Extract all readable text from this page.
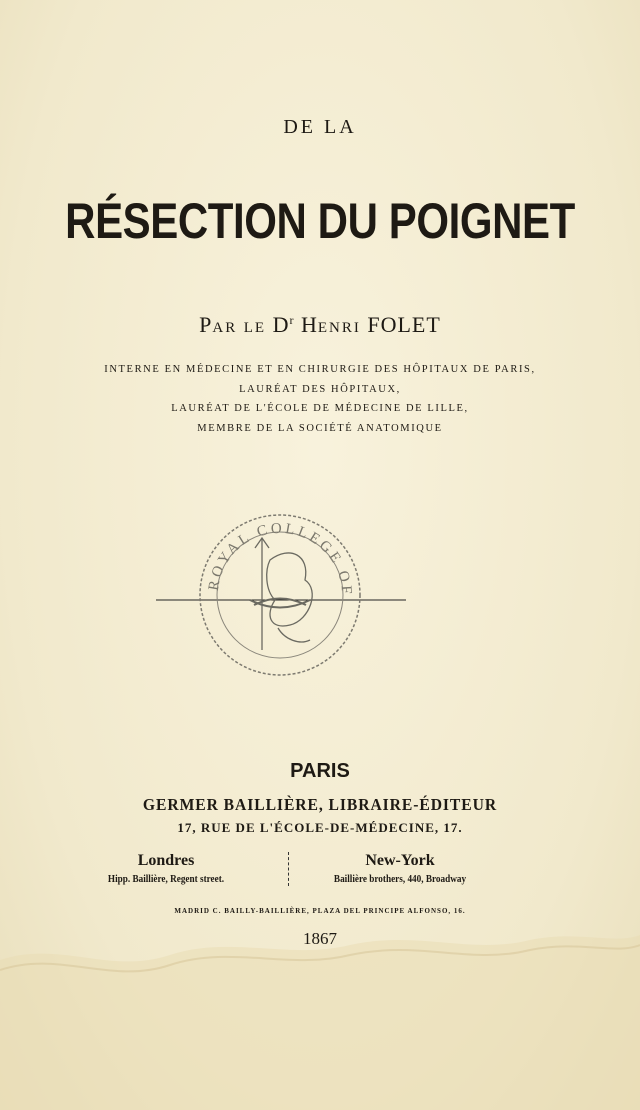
DE LA
RÉSECTION DU POIGNET
PAR LE $D^r$ HENRI FOLET
INTERNE EN MÉDECINE ET EN CHIRURGIE DES HÔPITAUX DE PARIS,
LAURÉAT DES HÔPITAUX,
LAURÉAT DE L'ÉCOLE DE MÉDECINE DE LILLE,
MEMBRE DE LA SOCIÉTÉ ANATOMIQUE
ROYAL COLLEGE OF
PARIS
GERMER BAILLIÈRE, LIBRAIRE-ÉDITEUR
17, RUE DE L'ÉCOLE-DE-MÉDECINE, 17.
Londres
Hipp. Baillière, Regent street.
New-York
Baillière brothers, 440, Broadway
MADRID C. BAILLY-BAILLIÈRE, PLAZA DEL PRINCIPE ALFONSO, 16.
1867
